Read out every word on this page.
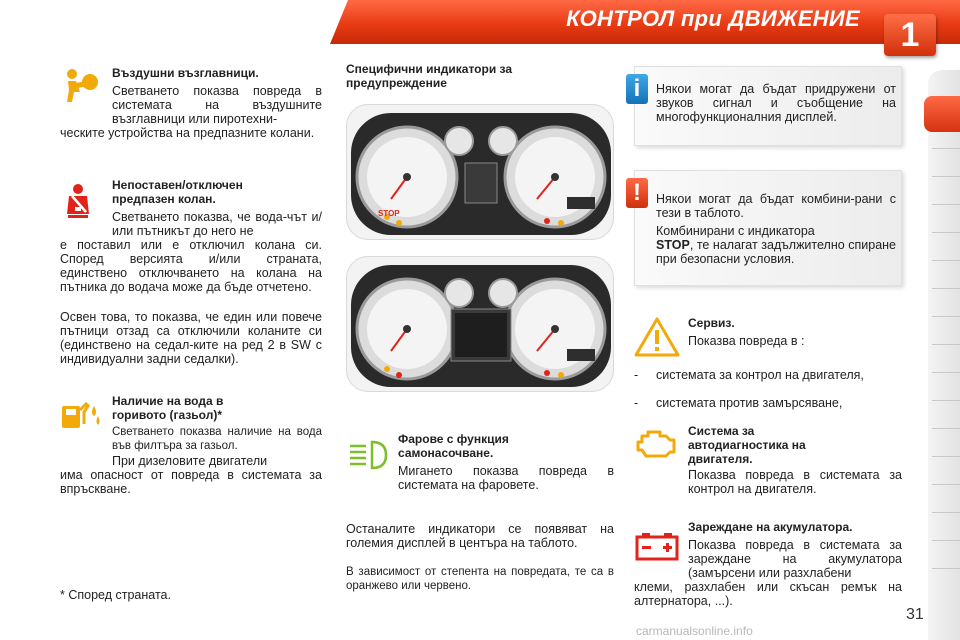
КОНТРОЛ при ДВИЖЕНИЕ	1
Въздушни възглавници.
Светването показва повреда в системата на въздушните възглавници или пиротехни-
ческите устройства на предпазните колани.
Непоставен/отключен
предпазен колан.
Светването показва, че вода-чът и/или пътникът до него не
е поставил или е отключил колана си. Според версията и/или страната, единствено отключването на колана на пътника до водача може да бъде отчетено.
Освен това, то показва, че един или повече пътници отзад са отключили коланите си (единствено на седал-ките на ред 2 в SW с индивидуални задни седалки).
Наличие на вода в
горивото (газьол)*
Светването показва наличие на вода във филтъра за газьол.
При дизеловите двигатели
има опасност от повреда в системата за впръскване.
* Според страната.
Специфични индикатори за
предупреждение
STOP
Фарове с функция
самонасочване.
Мигането показва повреда в системата на фаровете.
Останалите индикатори се появяват на големия дисплей в центъра на таблото.
В зависимост от степента на повредата, те са в оранжево или червено.
i	Някои могат да бъдат придружени от звуков сигнал и съобщение на многофункционалния дисплей.
!	Някои могат да бъдат комбини-рани с тези в таблото.
Комбинирани с индикатора
STOP, те налагат задължително спиране при безопасни условия.
Сервиз.
Показва повреда в :
-	системата за контрол на двигателя,
-	системата против замърсяване,
Система за
автодиагностика на
двигателя.
Показва повреда в системата за контрол на двигателя.
Зареждане на акумулатора.
Показва повреда в системата за зареждане на акумулатора (замърсени или разхлабени
клеми, разхлабен или скъсан ремък на алтернатора, ...).
31
carmanualsonline.info
